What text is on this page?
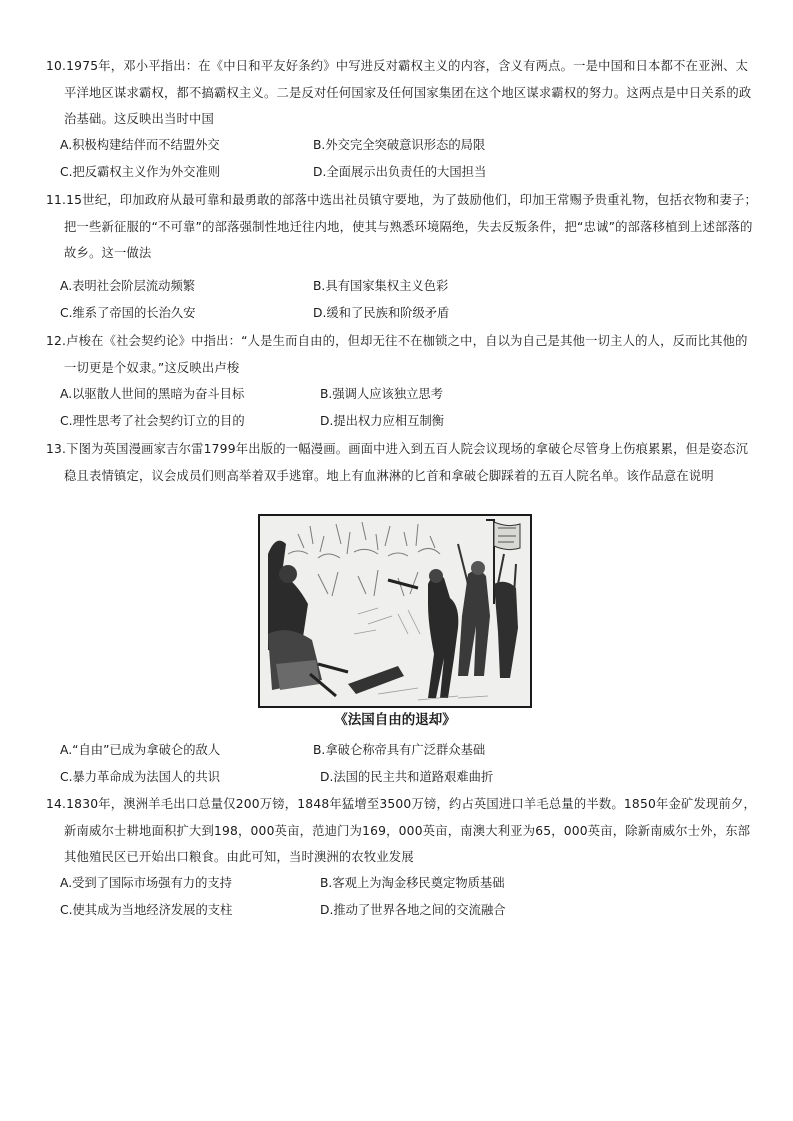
10.1975年，邓小平指出：在《中日和平友好条约》中写进反对霸权主义的内容，含义有两点。一是中国和日本都不在亚洲、太平洋地区谋求霸权，都不搞霸权主义。二是反对任何国家及任何国家集团在这个地区谋求霸权的努力。这两点是中日关系的政治基础。这反映出当时中国
A.积极构建结伴而不结盟外交	B.外交完全突破意识形态的局限
C.把反霸权主义作为外交准则	D.全面展示出负责任的大国担当
11.15世纪，印加政府从最可靠和最勇敢的部落中选出社员镇守要地，为了鼓励他们，印加王常赐予贵重礼物，包括衣物和妻子；把一些新征服的“不可靠”的部落强制性地迁往内地，使其与熟悉环境隔绝，失去反叛条件，把“忠诚”的部落移植到上述部落的故乡。这一做法
A.表明社会阶层流动频繁	B.具有国家集权主义色彩
C.维系了帝国的长治久安	D.缓和了民族和阶级矛盾
12.卢梭在《社会契约论》中指出：“人是生而自由的，但却无往不在枷锁之中，自以为自己是其他一切主人的人，反而比其他的一切更是个奴隶。”这反映出卢梭
A.以驱散人世间的黑暗为奋斗目标	B.强调人应该独立思考
C.理性思考了社会契约订立的目的	D.提出权力应相互制衡
13.下图为英国漫画家吉尔雷1799年出版的一幅漫画。画面中进入到五百人院会议现场的拿破仑尽管身上伤痕累累，但是姿态沉稳且表情镇定，议会成员们则高举着双手逃窜。地上有血淋淋的匕首和拿破仑脚踩着的五百人院名单。该作品意在说明
《法国自由的退却》
A.“自由”已成为拿破仑的敌人	B.拿破仑称帝具有广泛群众基础
C.暴力革命成为法国人的共识	D.法国的民主共和道路艰难曲折
14.1830年，澳洲羊毛出口总量仅200万镑，1848年猛增至3500万镑，约占英国进口羊毛总量的半数。1850年金矿发现前夕，新南威尔士耕地面积扩大到198，000英亩，范迪门为169，000英亩，南澳大利亚为65，000英亩，除新南威尔士外，东部其他殖民区已开始出口粮食。由此可知，当时澳洲的农牧业发展
A.受到了国际市场强有力的支持	B.客观上为淘金移民奠定物质基础
C.使其成为当地经济发展的支柱	D.推动了世界各地之间的交流融合
